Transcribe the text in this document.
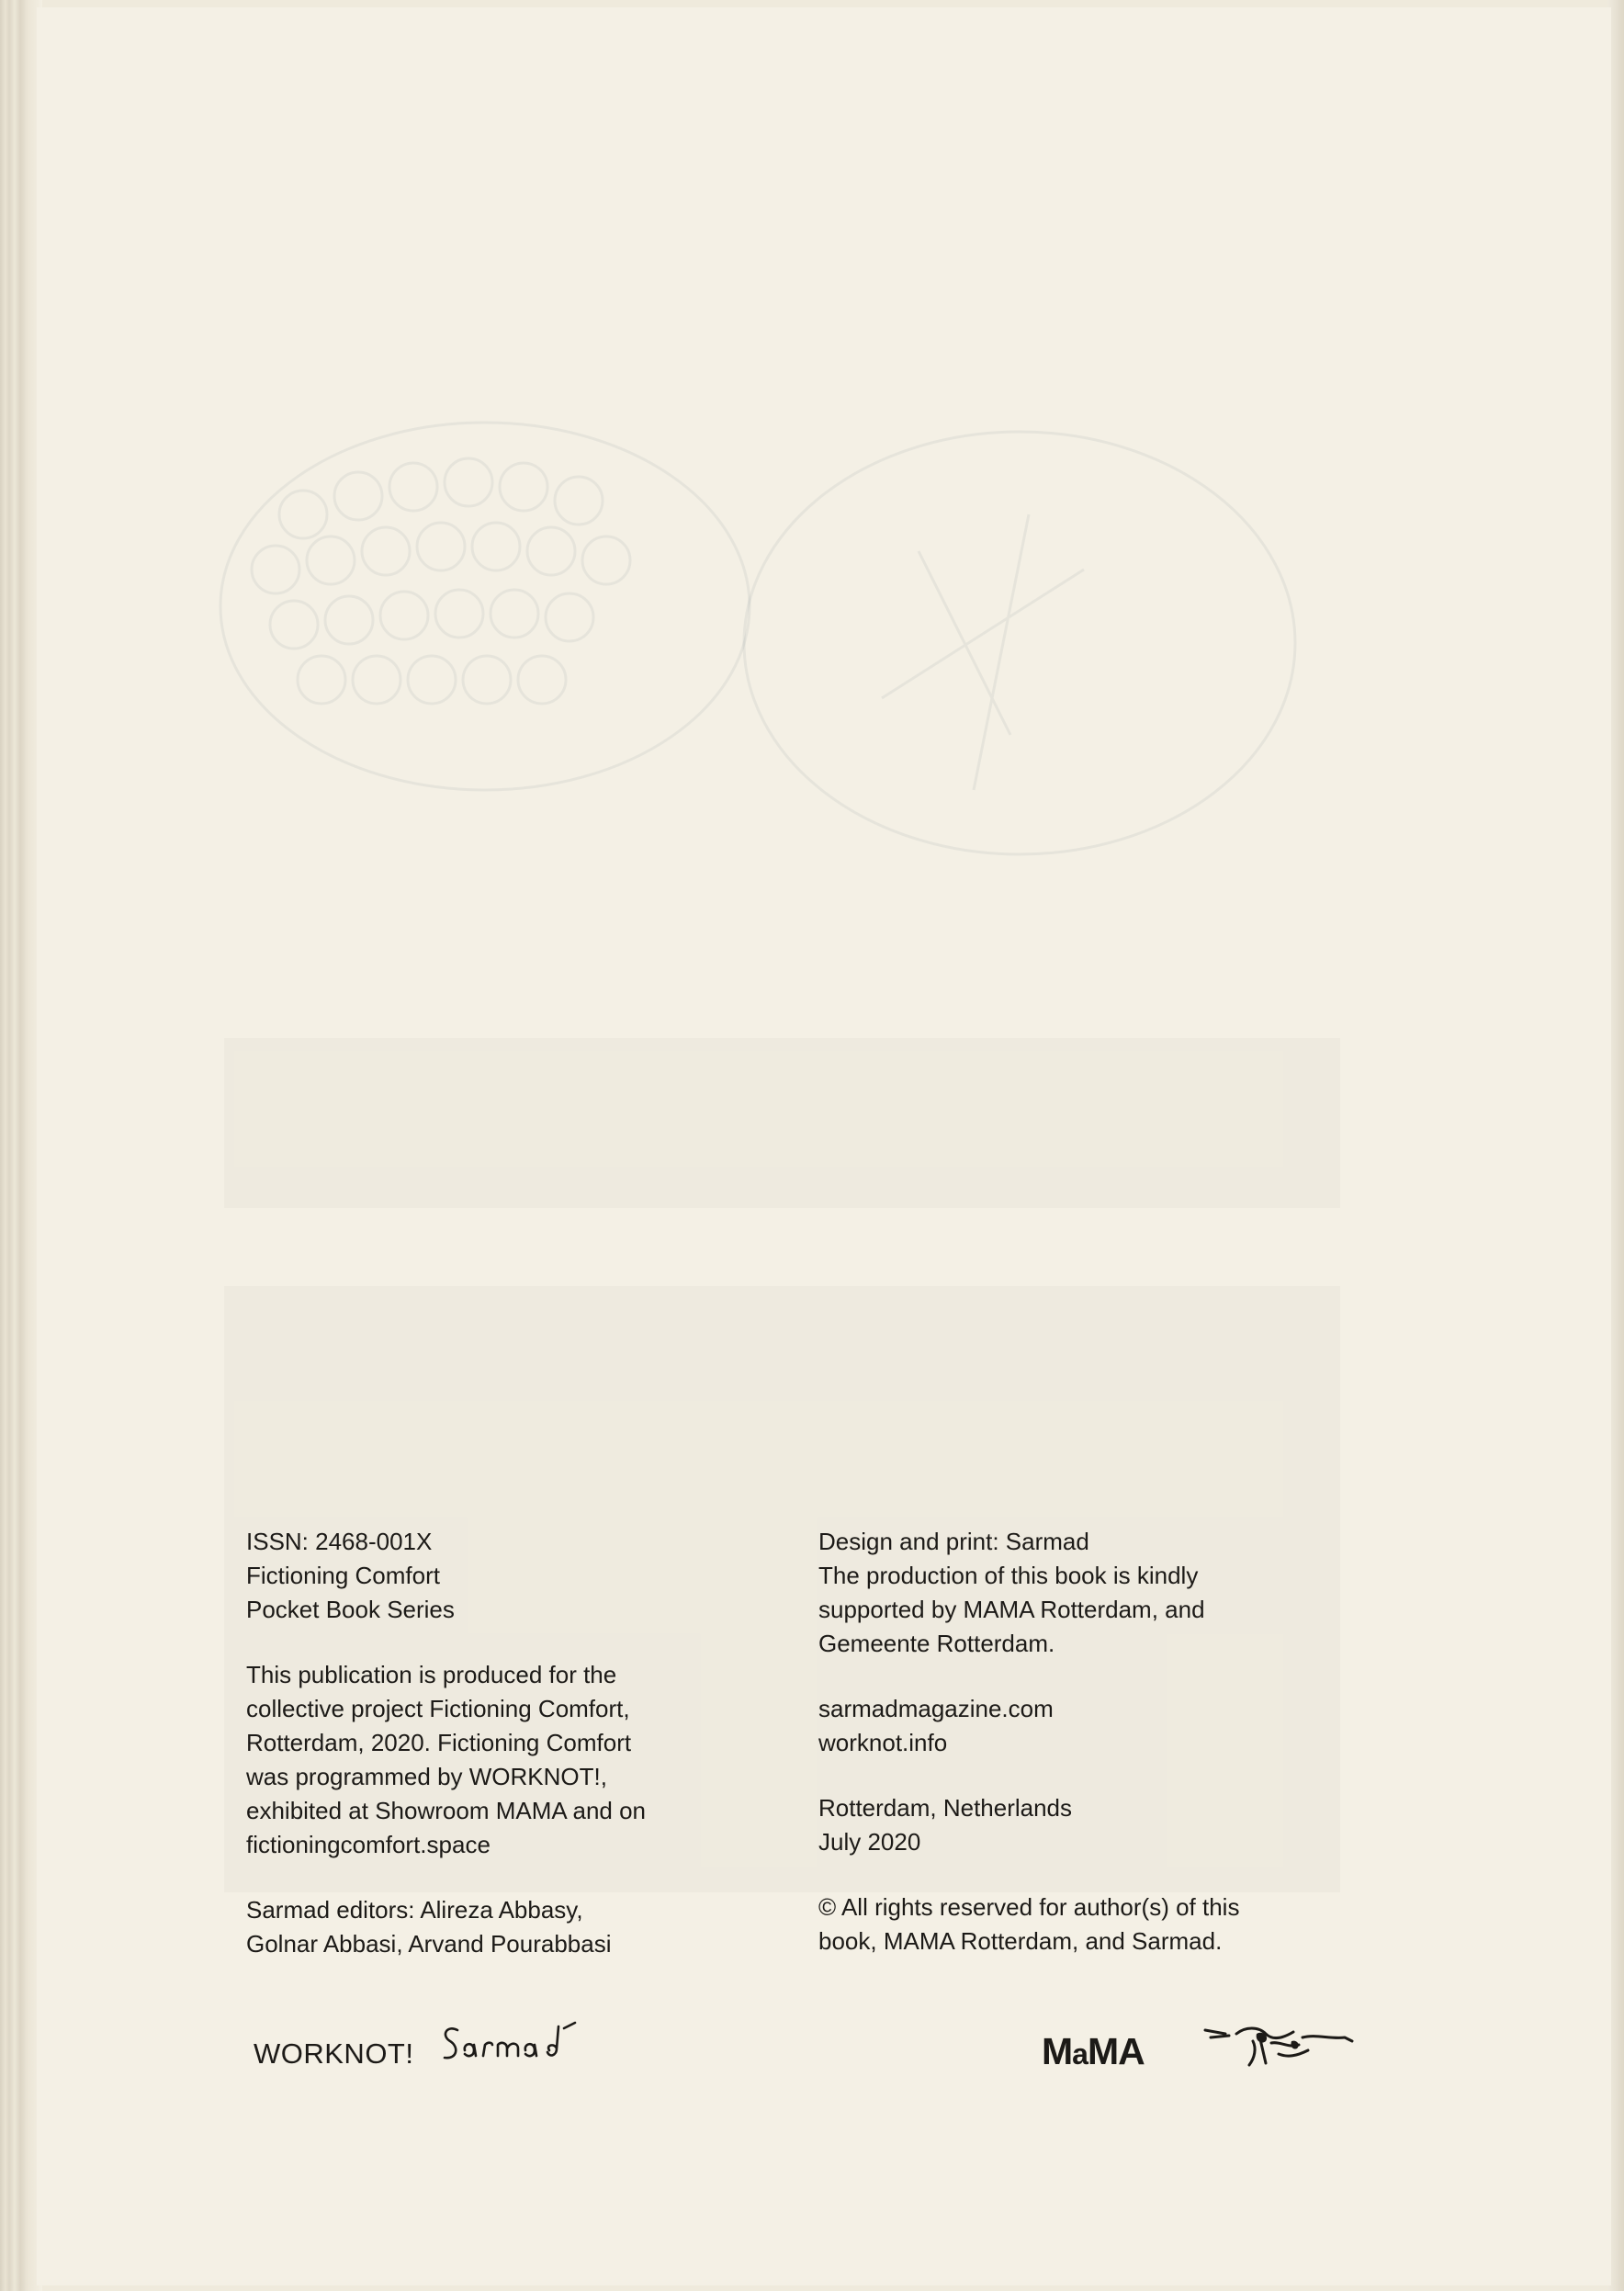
ISSN: 2468-001X
Fictioning Comfort
Pocket Book Series
This publication is produced for the
collective project Fictioning Comfort,
Rotterdam, 2020. Fictioning Comfort
was programmed by WORKNOT!,
exhibited at Showroom MAMA and on
fictioningcomfort.space
Sarmad editors: Alireza Abbasy,
Golnar Abbasi, Arvand Pourabbasi
Design and print: Sarmad
The production of this book is kindly
supported by MAMA Rotterdam, and
Gemeente Rotterdam.
sarmadmagazine.com
worknot.info
Rotterdam, Netherlands
July 2020
© All rights reserved for author(s) of this
book, MAMA Rotterdam, and Sarmad.
WORKNOT!	MaMA
